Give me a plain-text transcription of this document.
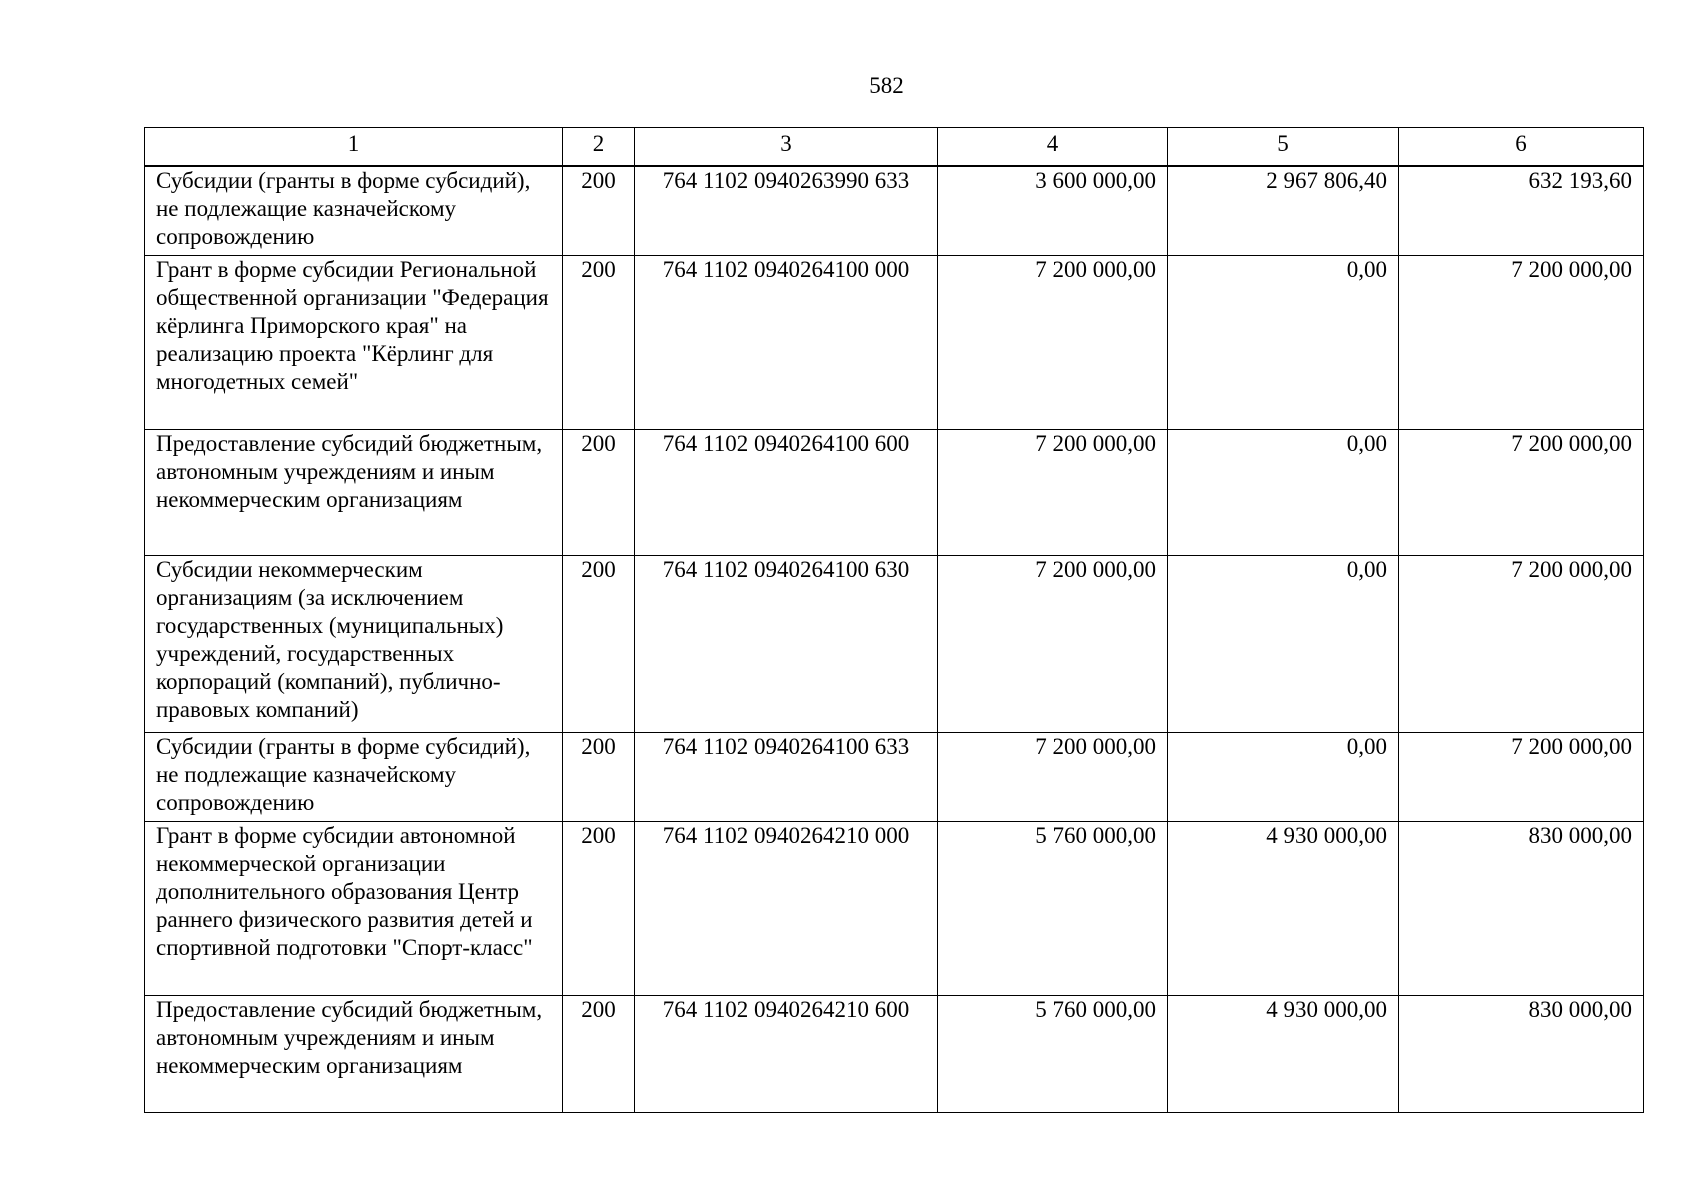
582
1	2	3	4	5	6
Субсидии (гранты в форме субсидий), не подлежащие казначейскому сопровождению	200	764 1102 0940263990 633	3 600 000,00	2 967 806,40	632 193,60
Грант в форме субсидии Региональной общественной организации "Федерация кёрлинга Приморского края" на реализацию проекта "Кёрлинг для многодетных семей"	200	764 1102 0940264100 000	7 200 000,00	0,00	7 200 000,00
Предоставление субсидий бюджетным, автономным учреждениям и иным некоммерческим организациям	200	764 1102 0940264100 600	7 200 000,00	0,00	7 200 000,00
Субсидии некоммерческим организациям (за исключением государственных (муниципальных) учреждений, государственных корпораций (компаний), публично-правовых компаний)	200	764 1102 0940264100 630	7 200 000,00	0,00	7 200 000,00
Субсидии (гранты в форме субсидий), не подлежащие казначейскому сопровождению	200	764 1102 0940264100 633	7 200 000,00	0,00	7 200 000,00
Грант в форме субсидии автономной некоммерческой организации дополнительного образования Центр раннего физического развития детей и спортивной подготовки "Спорт-класс"	200	764 1102 0940264210 000	5 760 000,00	4 930 000,00	830 000,00
Предоставление субсидий бюджетным, автономным учреждениям и иным некоммерческим организациям	200	764 1102 0940264210 600	5 760 000,00	4 930 000,00	830 000,00
